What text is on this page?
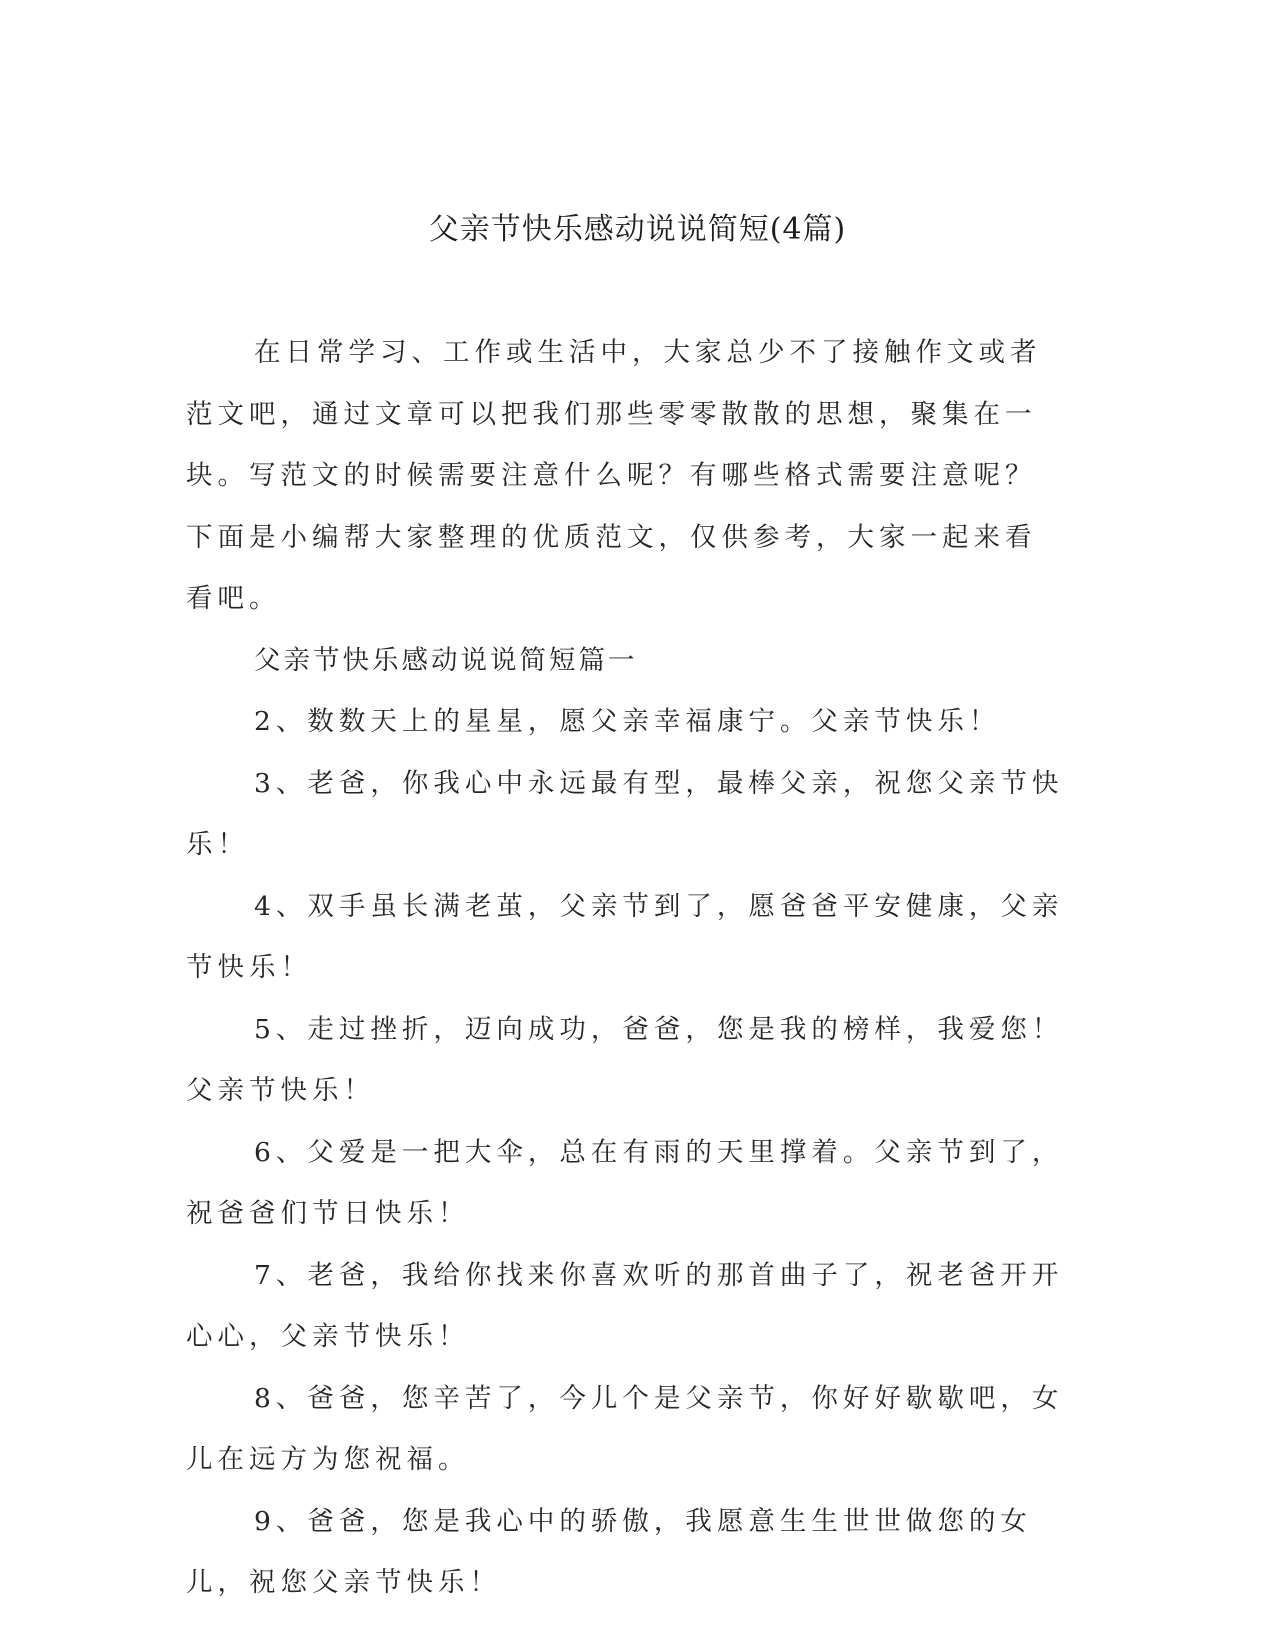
父亲节快乐感动说说简短(4篇)

在日常学习、工作或生活中，大家总少不了接触作文或者范文吧，通过文章可以把我们那些零零散散的思想，聚集在一块。写范文的时候需要注意什么呢？有哪些格式需要注意呢？下面是小编帮大家整理的优质范文，仅供参考，大家一起来看看吧。

父亲节快乐感动说说简短篇一

2、数数天上的星星，愿父亲幸福康宁。父亲节快乐！

3、老爸，你我心中永远最有型，最棒父亲，祝您父亲节快乐！

4、双手虽长满老茧，父亲节到了，愿爸爸平安健康，父亲节快乐！

5、走过挫折，迈向成功，爸爸，您是我的榜样，我爱您！父亲节快乐！

6、父爱是一把大伞，总在有雨的天里撑着。父亲节到了，祝爸爸们节日快乐！

7、老爸，我给你找来你喜欢听的那首曲子了，祝老爸开开心心，父亲节快乐！

8、爸爸，您辛苦了，今儿个是父亲节，你好好歇歇吧，女儿在远方为您祝福。

9、爸爸，您是我心中的骄傲，我愿意生生世世做您的女儿，祝您父亲节快乐！
